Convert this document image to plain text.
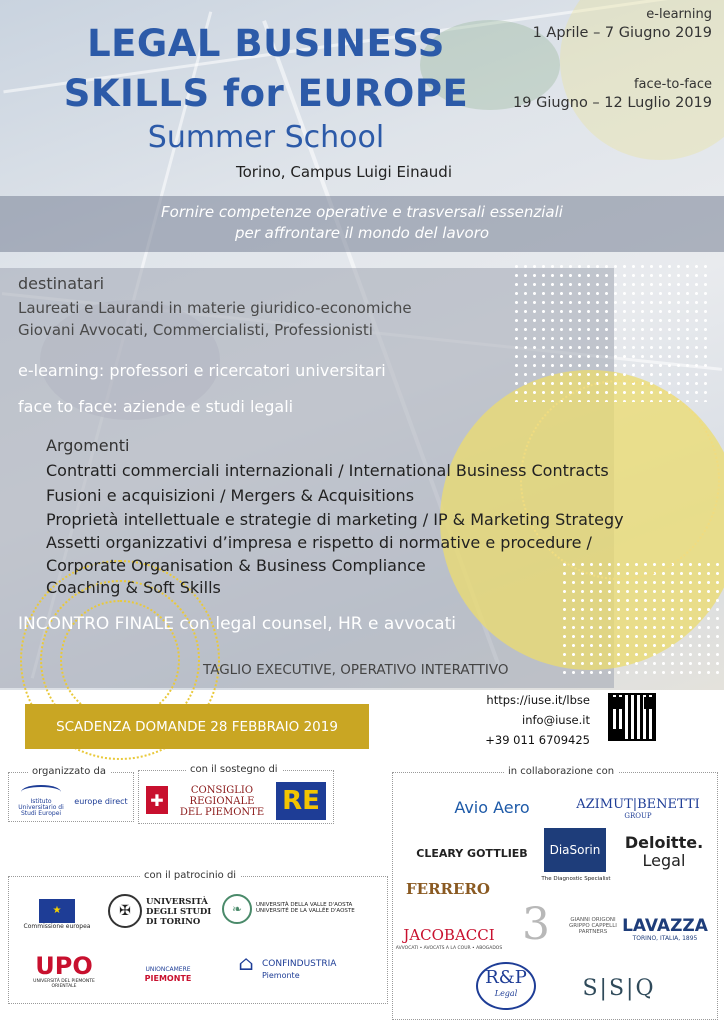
LEGAL BUSINESS
SKILLS for EUROPE
Summer School
Torino, Campus Luigi Einaudi
e-learning
1 Aprile – 7 Giugno 2019
face-to-face
19 Giugno – 12 Luglio 2019
Fornire competenze operative e trasversali essenziali
per affrontare il mondo del lavoro
destinatari
Laureati e Laurandi in materie giuridico-economiche
Giovani Avvocati, Commercialisti, Professionisti
e-learning: professori e ricercatori universitari
face to face: aziende e studi legali
Argomenti
Contratti commerciali internazionali / International Business Contracts
Fusioni e acquisizioni / Mergers & Acquisitions
Proprietà intellettuale e strategie di marketing / IP & Marketing Strategy
Assetti organizzativi d’impresa e rispetto di normative e procedure /
Corporate Organisation & Business Compliance
Coaching & Soft Skills
INCONTRO FINALE con legal counsel, HR e avvocati
TAGLIO EXECUTIVE, OPERATIVO INTERATTIVO
SCADENZA DOMANDE 28 FEBBRAIO 2019
https://iuse.it/lbse
info@iuse.it
+39 011 6709425
organizzato da	con il sostegno di	in collaborazione con
con il patrocinio di
Istituto Universitario di Studi Europei
europe direct ✚
CONSIGLIO
REGIONALE
DEL PIEMONTE RE	Avio Aero	AZIMUT|BENETTI
GROUP
CLEARY GOTTLIEB	DiaSorin
The Diagnostic Specialist
Deloitte.
Legal
FERRERO
JACOBACCI
AVVOCATI • AVOCATS A LA COUR • ABOGADOS 3	GIANNI ORIGONI GRIPPO CAPPELLI PARTNERS LAVAZZA
TORINO, ITALIA, 1895
R&P
Legal	S|S|Q
★
Commissione europea
✠
UNIVERSITÀ
DEGLI STUDI
DI TORINO
❧	UNIVERSITÀ DELLA VALLE D'AOSTA UNIVERSITÉ DE LA VALLÉE D'AOSTE
UPO
UNIVERSITÀ DEL PIEMONTE ORIENTALE
UNIONCAMERE
PIEMONTE
⌂ CONFINDUSTRIA
Piemonte
